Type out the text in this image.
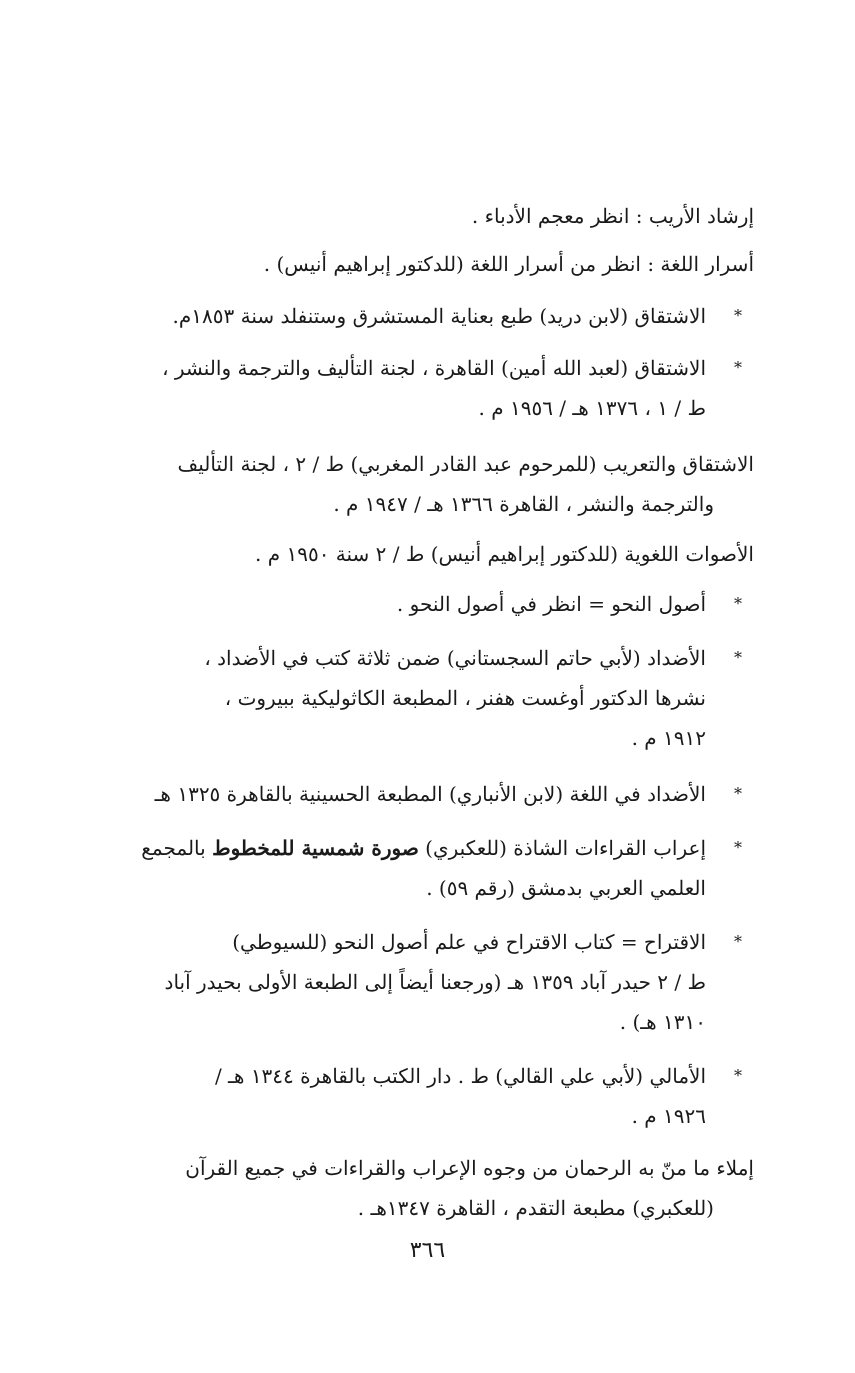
إرشاد الأريب : انظر معجم الأدباء .
أسرار اللغة : انظر من أسرار اللغة (للدكتور إبراهيم أنيس) .
*
الاشتقاق (لابن دريد) طبع بعناية المستشرق وستنفلد سنة ١٨٥٣م.
*
الاشتقاق (لعبد الله أمين) القاهرة ، لجنة التأليف والترجمة والنشر ،
ط / ١ ، ١٣٧٦ هـ / ١٩٥٦ م .
الاشتقاق والتعريب (للمرحوم عبد القادر المغربي) ط / ٢ ، لجنة التأليف
والترجمة والنشر ، القاهرة ١٣٦٦ هـ / ١٩٤٧ م .
الأصوات اللغوية (للدكتور إبراهيم أنيس) ط / ٢ سنة ١٩٥٠ م .
*
أصول النحو = انظر في أصول النحو .
*
الأضداد (لأبي حاتم السجستاني) ضمن ثلاثة كتب في الأضداد ،
نشرها الدكتور أوغست هفنر ، المطبعة الكاثوليكية ببيروت ،
١٩١٢ م .
*
الأضداد في اللغة (لابن الأنباري) المطبعة الحسينية بالقاهرة ١٣٢٥ هـ
*
إعراب القراءات الشاذة (للعكبري) صورة شمسية للمخطوط بالمجمع
العلمي العربي بدمشق (رقم ٥٩) .
*
الاقتراح = كتاب الاقتراح في علم أصول النحو (للسيوطي)
ط / ٢ حيدر آباد ١٣٥٩ هـ (ورجعنا أيضاً إلى الطبعة الأولى بحيدر آباد
١٣١٠ هـ) .
*
الأمالي (لأبي علي القالي) ط . دار الكتب بالقاهرة ١٣٤٤ هـ /
١٩٢٦ م .
إملاء ما منّ به الرحمان من وجوه الإعراب والقراءات في جميع القرآن
(للعكبري) مطبعة التقدم ، القاهرة ١٣٤٧هـ .
٣٦٦
